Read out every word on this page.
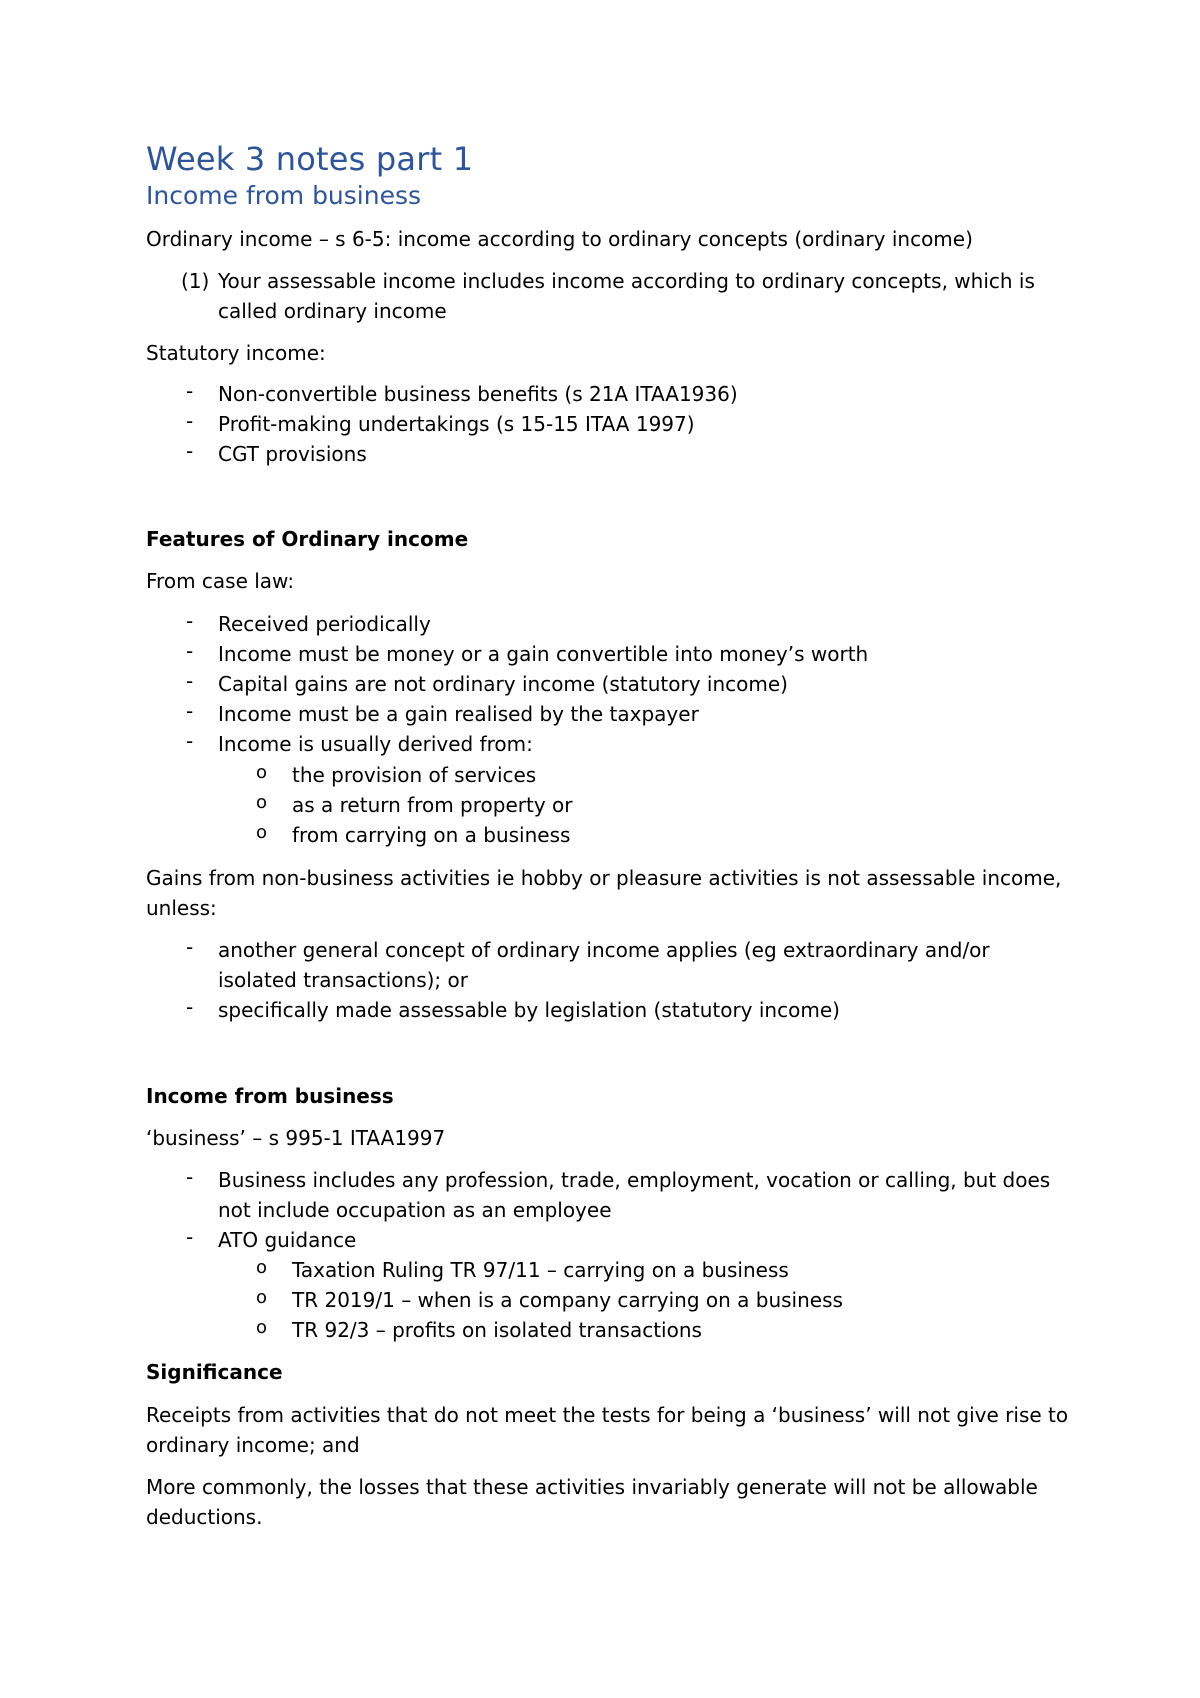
Week 3 notes part 1
Income from business
Ordinary income – s 6-5: income according to ordinary concepts (ordinary income)
(1) Your assessable income includes income according to ordinary concepts, which is
called ordinary income
Statutory income:
- Non-convertible business benefits (s 21A ITAA1936)
- Profit-making undertakings (s 15-15 ITAA 1997)
- CGT provisions
Features of Ordinary income
From case law:
- Received periodically
- Income must be money or a gain convertible into money’s worth
- Capital gains are not ordinary income (statutory income)
- Income must be a gain realised by the taxpayer
- Income is usually derived from:
o the provision of services
o as a return from property or
o from carrying on a business
Gains from non-business activities ie hobby or pleasure activities is not assessable income,
unless:
- another general concept of ordinary income applies (eg extraordinary and/or
isolated transactions); or
- specifically made assessable by legislation (statutory income)
Income from business
‘business’ – s 995-1 ITAA1997
- Business includes any profession, trade, employment, vocation or calling, but does
not include occupation as an employee
- ATO guidance
o Taxation Ruling TR 97/11 – carrying on a business
o TR 2019/1 – when is a company carrying on a business
o TR 92/3 – profits on isolated transactions
Significance
Receipts from activities that do not meet the tests for being a ‘business’ will not give rise to
ordinary income; and
More commonly, the losses that these activities invariably generate will not be allowable
deductions.
